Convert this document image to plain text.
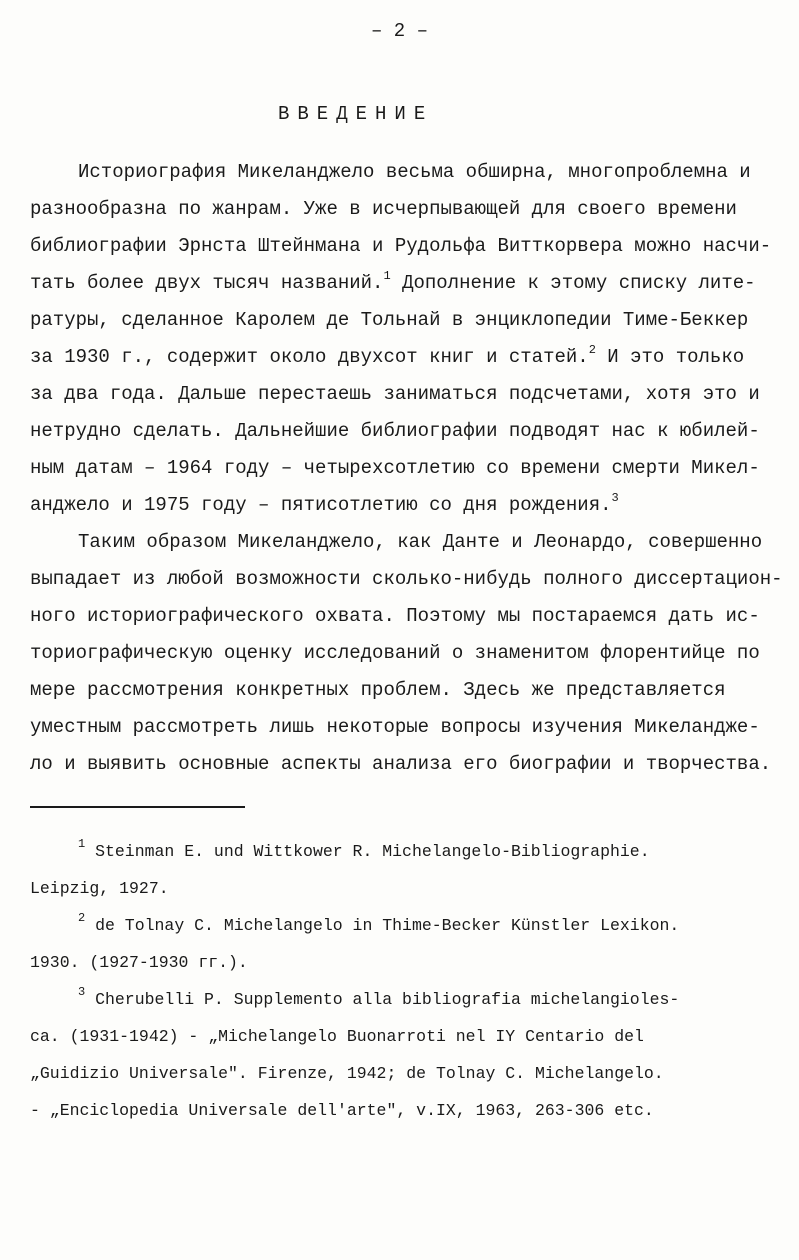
– 2 –
ВВЕДЕНИЕ
Историография Микеланджело весьма обширна, многопроблемна и
разнообразна по жанрам. Уже в исчерпывающей для своего времени
библиографии Эрнста Штейнмана и Рудольфа Витткорвера можно насчи-
тать более двух тысяч названий.$^1$ Дополнение к этому списку лите-
ратуры, сделанное Каролем де Тольнай в энциклопедии Тиме-Беккер
за 1930 г., содержит около двухсот книг и статей.$^2$ И это только
за два года. Дальше перестаешь заниматься подсчетами, хотя это и
нетрудно сделать. Дальнейшие библиографии подводят нас к юбилей-
ным датам – 1964 году – четырехсотлетию со времени смерти Микел-
анджело и 1975 году – пятисотлетию со дня рождения.$^3$
Таким образом Микеланджело, как Данте и Леонардо, совершенно
выпадает из любой возможности сколько-нибудь полного диссертацион-
ного историографического охвата. Поэтому мы постараемся дать ис-
ториографическую оценку исследований о знаменитом флорентийце по
мере рассмотрения конкретных проблем. Здесь же представляется
уместным рассмотреть лишь некоторые вопросы изучения Микеланджe-
ло и выявить основные аспекты анализа его биографии и творчества.
$^1$ Steinman E. und Wittkower R. Michelangelo-Bibliographie.
Leipzig, 1927.
$^2$ de Tolnay C. Michelangelo in Thime-Becker Künstler Lexikon.
1930. (1927-1930 гг.).
$^3$ Cherubelli P. Supplemento alla bibliografia michelangioles-
ca. (1931-1942) - „Michelangelo Buonarroti nel IY Centario del
„Guidizio Universale". Firenze, 1942; de Tolnay C. Michelangelo.
- „Enciclopedia Universale dell'arte", v.IX, 1963, 263-306 etc.
